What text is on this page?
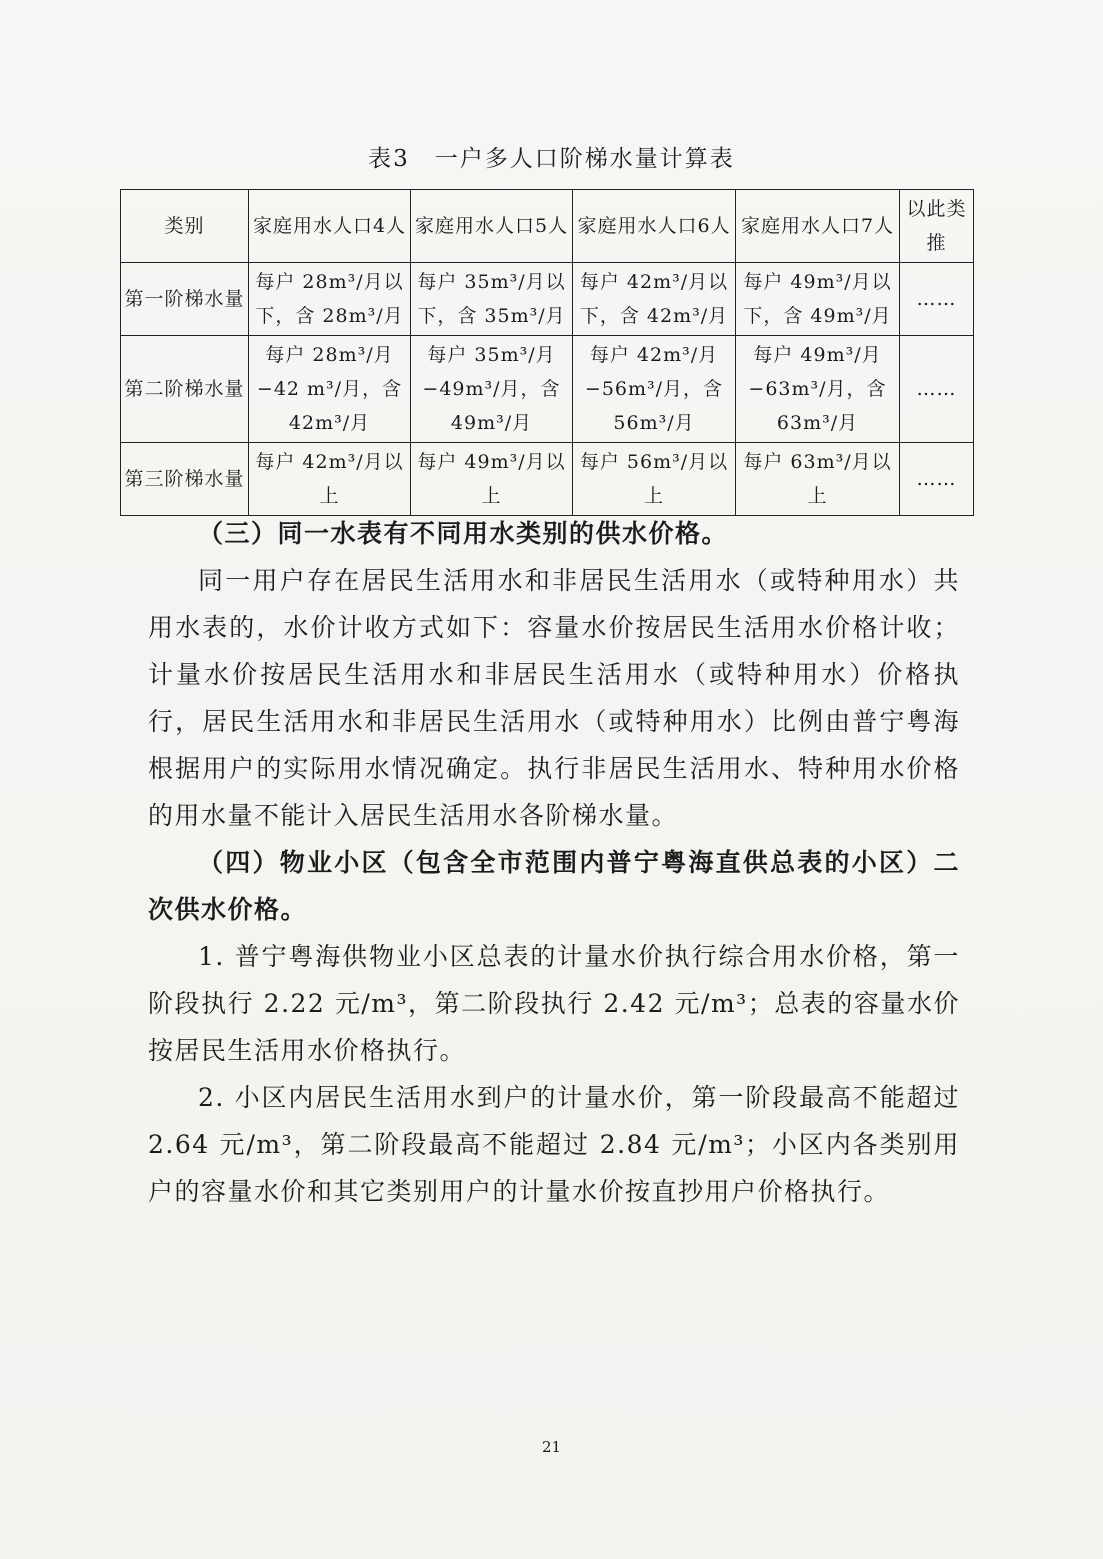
表3　一户多人口阶梯水量计算表
类别	家庭用水人口4人	家庭用水人口5人	家庭用水人口6人	家庭用水人口7人	以此类推
第一阶梯水量	每户 28m³/月以下，含 28m³/月	每户 35m³/月以下，含 35m³/月	每户 42m³/月以下，含 42m³/月	每户 49m³/月以下，含 49m³/月	……
第二阶梯水量	每户 28m³/月−42 m³/月，含42m³/月	每户 35m³/月−49m³/月，含49m³/月	每户 42m³/月−56m³/月，含56m³/月	每户 49m³/月−63m³/月，含63m³/月	……
第三阶梯水量	每户 42m³/月以上	每户 49m³/月以上	每户 56m³/月以上	每户 63m³/月以上	……

（三）同一水表有不同用水类别的供水价格。

同一用户存在居民生活用水和非居民生活用水（或特种用水）共用水表的，水价计收方式如下：容量水价按居民生活用水价格计收；计量水价按居民生活用水和非居民生活用水（或特种用水）价格执行，居民生活用水和非居民生活用水（或特种用水）比例由普宁粤海根据用户的实际用水情况确定。执行非居民生活用水、特种用水价格的用水量不能计入居民生活用水各阶梯水量。

（四）物业小区（包含全市范围内普宁粤海直供总表的小区）二次供水价格。

1. 普宁粤海供物业小区总表的计量水价执行综合用水价格，第一阶段执行 2.22 元/m³，第二阶段执行 2.42 元/m³；总表的容量水价按居民生活用水价格执行。

2. 小区内居民生活用水到户的计量水价，第一阶段最高不能超过 2.64 元/m³，第二阶段最高不能超过 2.84 元/m³；小区内各类别用户的容量水价和其它类别用户的计量水价按直抄用户价格执行。

21
